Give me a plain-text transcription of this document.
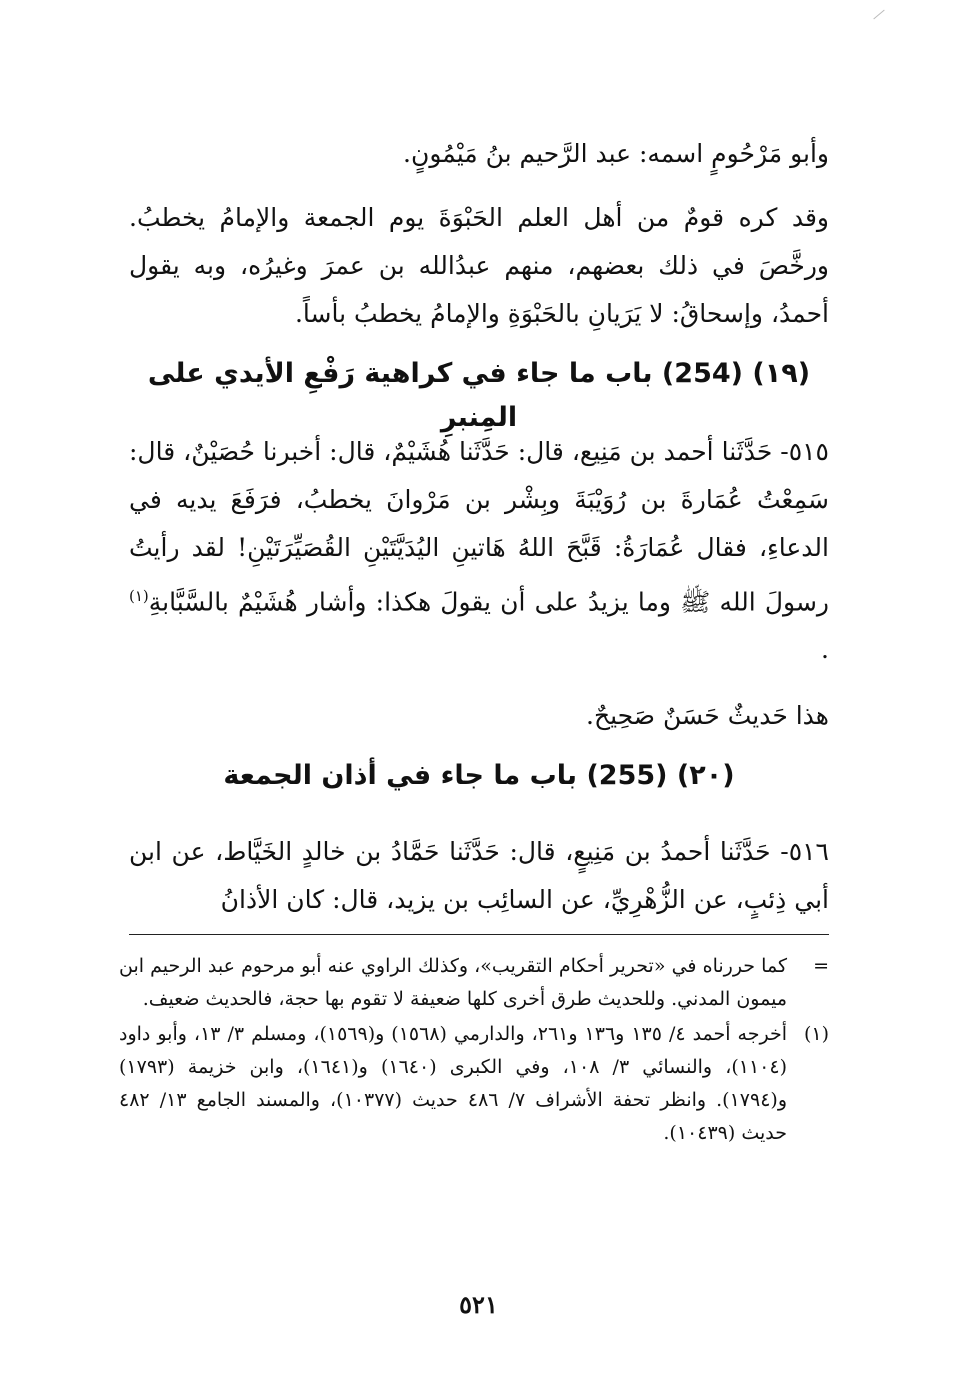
وأبو مَرْحُومٍ اسمه: عبد الرَّحيم بنُ مَيْمُونٍ.

وقد كره قومٌ من أهل العلم الحَبْوَةَ يوم الجمعة والإمامُ يخطبُ. ورخَّصَ في ذلك بعضهم، منهم عبدُالله بن عمرَ وغيرُه، وبه يقول أحمدُ، وإسحاقُ: لا يَرَيانِ بالحَبْوَةِ والإمامُ يخطبُ بأساً.

(١٩) (254) باب ما جاء في كراهية رَفْعِ الأيدي على المِنبرِ

٥١٥- حَدَّثَنا أحمد بن مَنِيع، قال: حَدَّثَنا هُشَيْمٌ، قال: أخبرنا حُصَيْنٌ، قال: سَمِعْتُ عُمَارةَ بن رُوَيْبَةَ وبِشْر بن مَرْوانَ يخطبُ، فرَفَعَ يديه في الدعاءِ، فقال عُمَارَةُ: قَبَّحَ اللهُ هَاتينِ اليُدَيَّتَيْنِ القُصَيِّرَتَيْنِ! لقد رأيتُ رسولَ الله ﷺ وما يزيدُ على أن يقولَ هكذا: وأشار هُشَيْمٌ بالسَّبَّابةِ$^{(١)}$ .

هذا حَديثٌ حَسَنٌ صَحِيحٌ.

(٢٠) (255) باب ما جاء في أذان الجمعة

٥١٦- حَدَّثَنا أحمدُ بن مَنِيعٍ، قال: حَدَّثَنا حَمَّادُ بن خالدٍ الخَيَّاط، عن ابن أبي ذِئبٍ، عن الزُّهْرِيِّ، عن السائِب بن يزيد، قال: كان الأذانُ

=
كما حررناه في «تحرير أحكام التقريب»، وكذلك الراوي عنه أبو مرحوم عبد الرحيم ابن ميمون المدني. وللحديث طرق أخرى كلها ضعيفة لا تقوم بها حجة، فالحديث ضعيف.
(١)
أخرجه أحمد ٤/ ١٣٥ و١٣٦ و٢٦١، والدارمي (١٥٦٨) و(١٥٦٩)، ومسلم ٣/ ١٣، وأبو داود (١١٠٤)، والنسائي ٣/ ١٠٨، وفي الكبرى (١٦٤٠) و(١٦٤١)، وابن خزيمة (١٧٩٣) و(١٧٩٤). وانظر تحفة الأشراف ٧/ ٤٨٦ حديث (١٠٣٧٧)، والمسند الجامع ١٣/ ٤٨٢ حديث (١٠٤٣٩).
٥٢١
